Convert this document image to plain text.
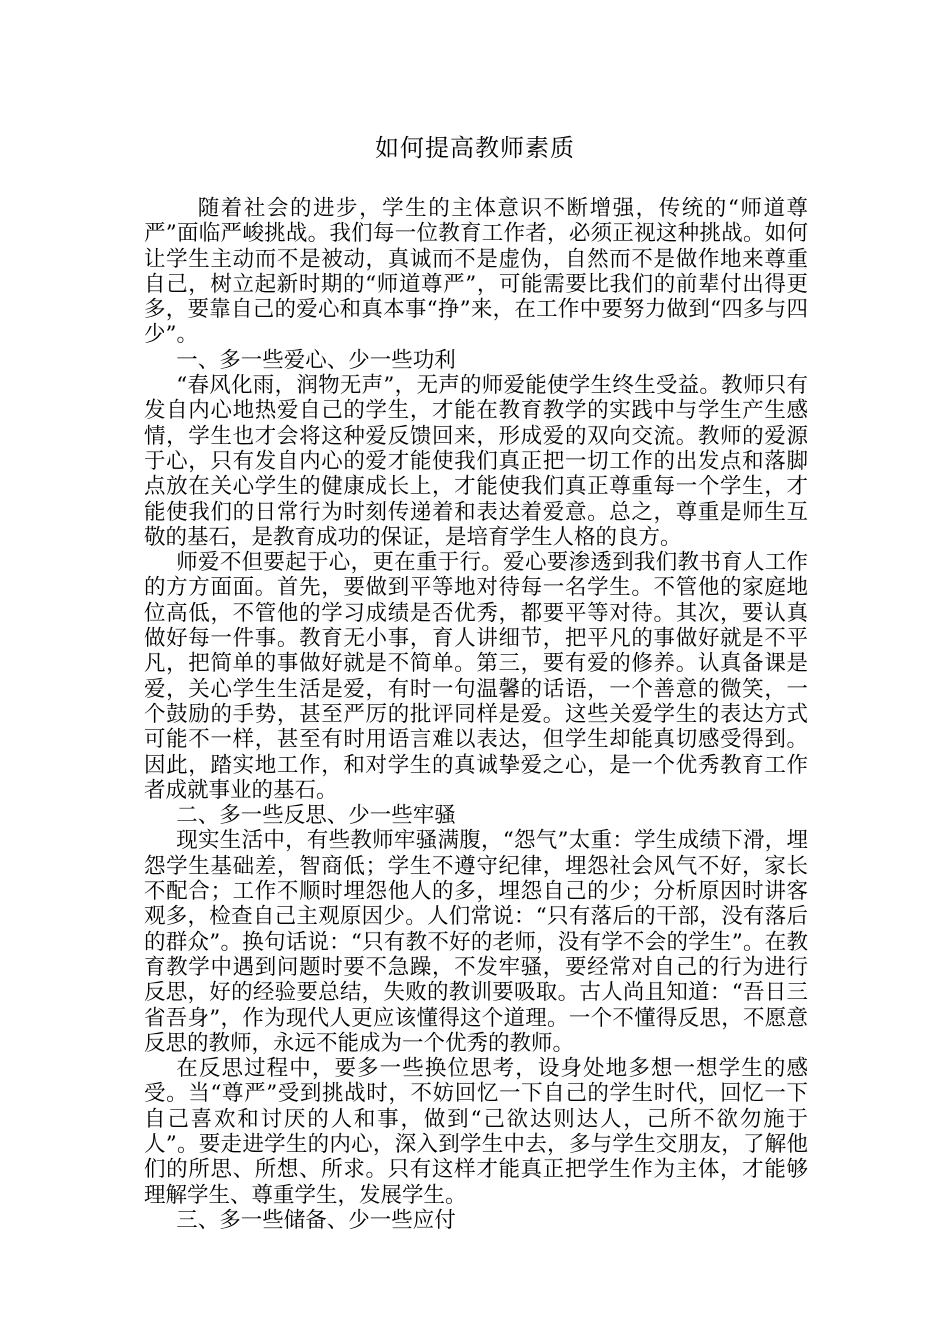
如何提高教师素质

随着社会的进步，学生的主体意识不断增强，传统的“师道尊严”面临严峻挑战。我们每一位教育工作者，必须正视这种挑战。如何让学生主动而不是被动，真诚而不是虚伪，自然而不是做作地来尊重自己，树立起新时期的“师道尊严”，可能需要比我们的前辈付出得更多，要靠自己的爱心和真本事“挣”来，在工作中要努力做到“四多与四少”。

一、多一些爱心、少一些功利

“春风化雨，润物无声”，无声的师爱能使学生终生受益。教师只有发自内心地热爱自己的学生，才能在教育教学的实践中与学生产生感情，学生也才会将这种爱反馈回来，形成爱的双向交流。教师的爱源于心，只有发自内心的爱才能使我们真正把一切工作的出发点和落脚点放在关心学生的健康成长上，才能使我们真正尊重每一个学生，才能使我们的日常行为时刻传递着和表达着爱意。总之，尊重是师生互敬的基石，是教育成功的保证，是培育学生人格的良方。

师爱不但要起于心，更在重于行。爱心要渗透到我们教书育人工作的方方面面。首先，要做到平等地对待每一名学生。不管他的家庭地位高低，不管他的学习成绩是否优秀，都要平等对待。其次，要认真做好每一件事。教育无小事，育人讲细节，把平凡的事做好就是不平凡，把简单的事做好就是不简单。第三，要有爱的修养。认真备课是爱，关心学生生活是爱，有时一句温馨的话语，一个善意的微笑，一个鼓励的手势，甚至严厉的批评同样是爱。这些关爱学生的表达方式可能不一样，甚至有时用语言难以表达，但学生却能真切感受得到。因此，踏实地工作，和对学生的真诚挚爱之心，是一个优秀教育工作者成就事业的基石。

二、多一些反思、少一些牢骚

现实生活中，有些教师牢骚满腹，“怨气”太重：学生成绩下滑，埋怨学生基础差，智商低；学生不遵守纪律，埋怨社会风气不好，家长不配合；工作不顺时埋怨他人的多，埋怨自己的少；分析原因时讲客观多，检查自己主观原因少。人们常说：“只有落后的干部，没有落后的群众”。换句话说：“只有教不好的老师，没有学不会的学生”。在教育教学中遇到问题时要不急躁，不发牢骚，要经常对自己的行为进行反思，好的经验要总结，失败的教训要吸取。古人尚且知道：“吾日三省吾身”，作为现代人更应该懂得这个道理。一个不懂得反思，不愿意反思的教师，永远不能成为一个优秀的教师。

在反思过程中，要多一些换位思考，设身处地多想一想学生的感受。当“尊严”受到挑战时，不妨回忆一下自己的学生时代，回忆一下自己喜欢和讨厌的人和事，做到“己欲达则达人，己所不欲勿施于人”。要走进学生的内心，深入到学生中去，多与学生交朋友，了解他们的所思、所想、所求。只有这样才能真正把学生作为主体，才能够理解学生、尊重学生，发展学生。

三、多一些储备、少一些应付
